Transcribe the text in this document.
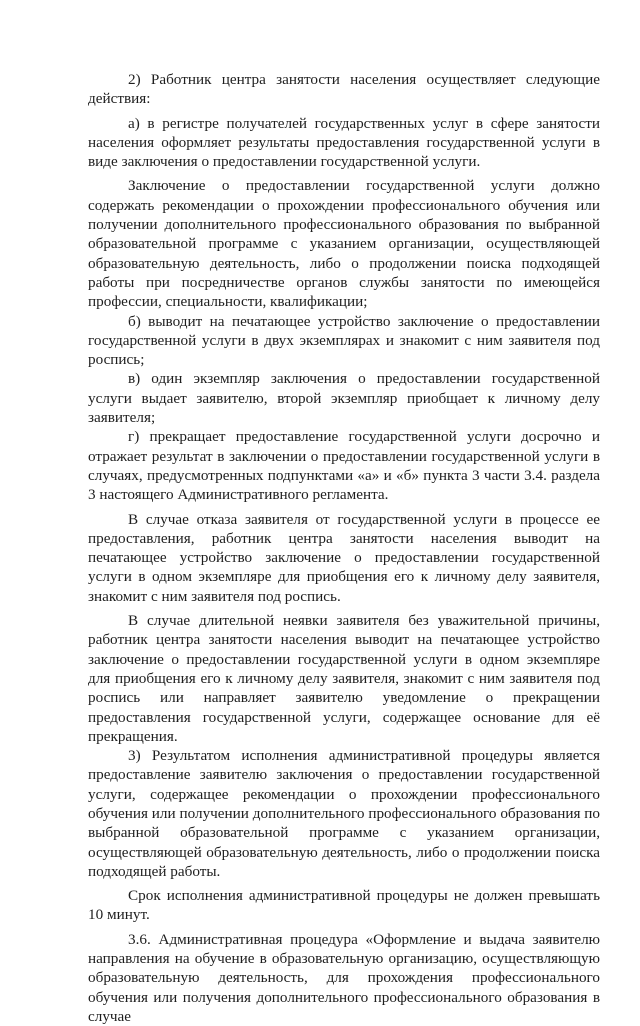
2) Работник центра занятости населения осуществляет следующие действия:

а) в регистре получателей государственных услуг в сфере занятости населения оформляет результаты предоставления государственной услуги в виде заключения о предоставлении государственной услуги.

Заключение о предоставлении государственной услуги должно содержать рекомендации о прохождении профессионального обучения или получении дополнительного профессионального образования по выбранной образовательной программе с указанием организации, осуществляющей образовательную деятельность, либо о продолжении поиска подходящей работы при посредничестве органов службы занятости по имеющейся профессии, специальности, квалификации;

б) выводит на печатающее устройство заключение о предоставлении государственной услуги в двух экземплярах и знакомит с ним заявителя под роспись;

в) один экземпляр заключения о предоставлении государственной услуги выдает заявителю, второй экземпляр приобщает к личному делу заявителя;

г) прекращает предоставление государственной услуги досрочно и отражает результат в заключении о предоставлении государственной услуги в случаях, предусмотренных подпунктами «а» и «б» пункта 3 части 3.4. раздела 3 настоящего Административного регламента.

В случае отказа заявителя от государственной услуги в процессе ее предоставления, работник центра занятости населения выводит на печатающее устройство заключение о предоставлении государственной услуги в одном экземпляре для приобщения его к личному делу заявителя, знакомит с ним заявителя под роспись.

В случае длительной неявки заявителя без уважительной причины, работник центра занятости населения выводит на печатающее устройство заключение о предоставлении государственной услуги в одном экземпляре для приобщения его к личному делу заявителя, знакомит с ним заявителя под роспись или направляет заявителю уведомление о прекращении предоставления государственной услуги, содержащее основание для её прекращения.

3) Результатом исполнения административной процедуры является предоставление заявителю заключения о предоставлении государственной услуги, содержащее рекомендации о прохождении профессионального обучения или получении дополнительного профессионального образования по выбранной образовательной программе с указанием организации, осуществляющей образовательную деятельность, либо о продолжении поиска подходящей работы.

Срок исполнения административной процедуры не должен превышать 10 минут.

3.6. Административная процедура «Оформление и выдача заявителю направления на обучение в образовательную организацию, осуществляющую образовательную деятельность, для прохождения профессионального обучения или получения дополнительного профессионального образования в случае
